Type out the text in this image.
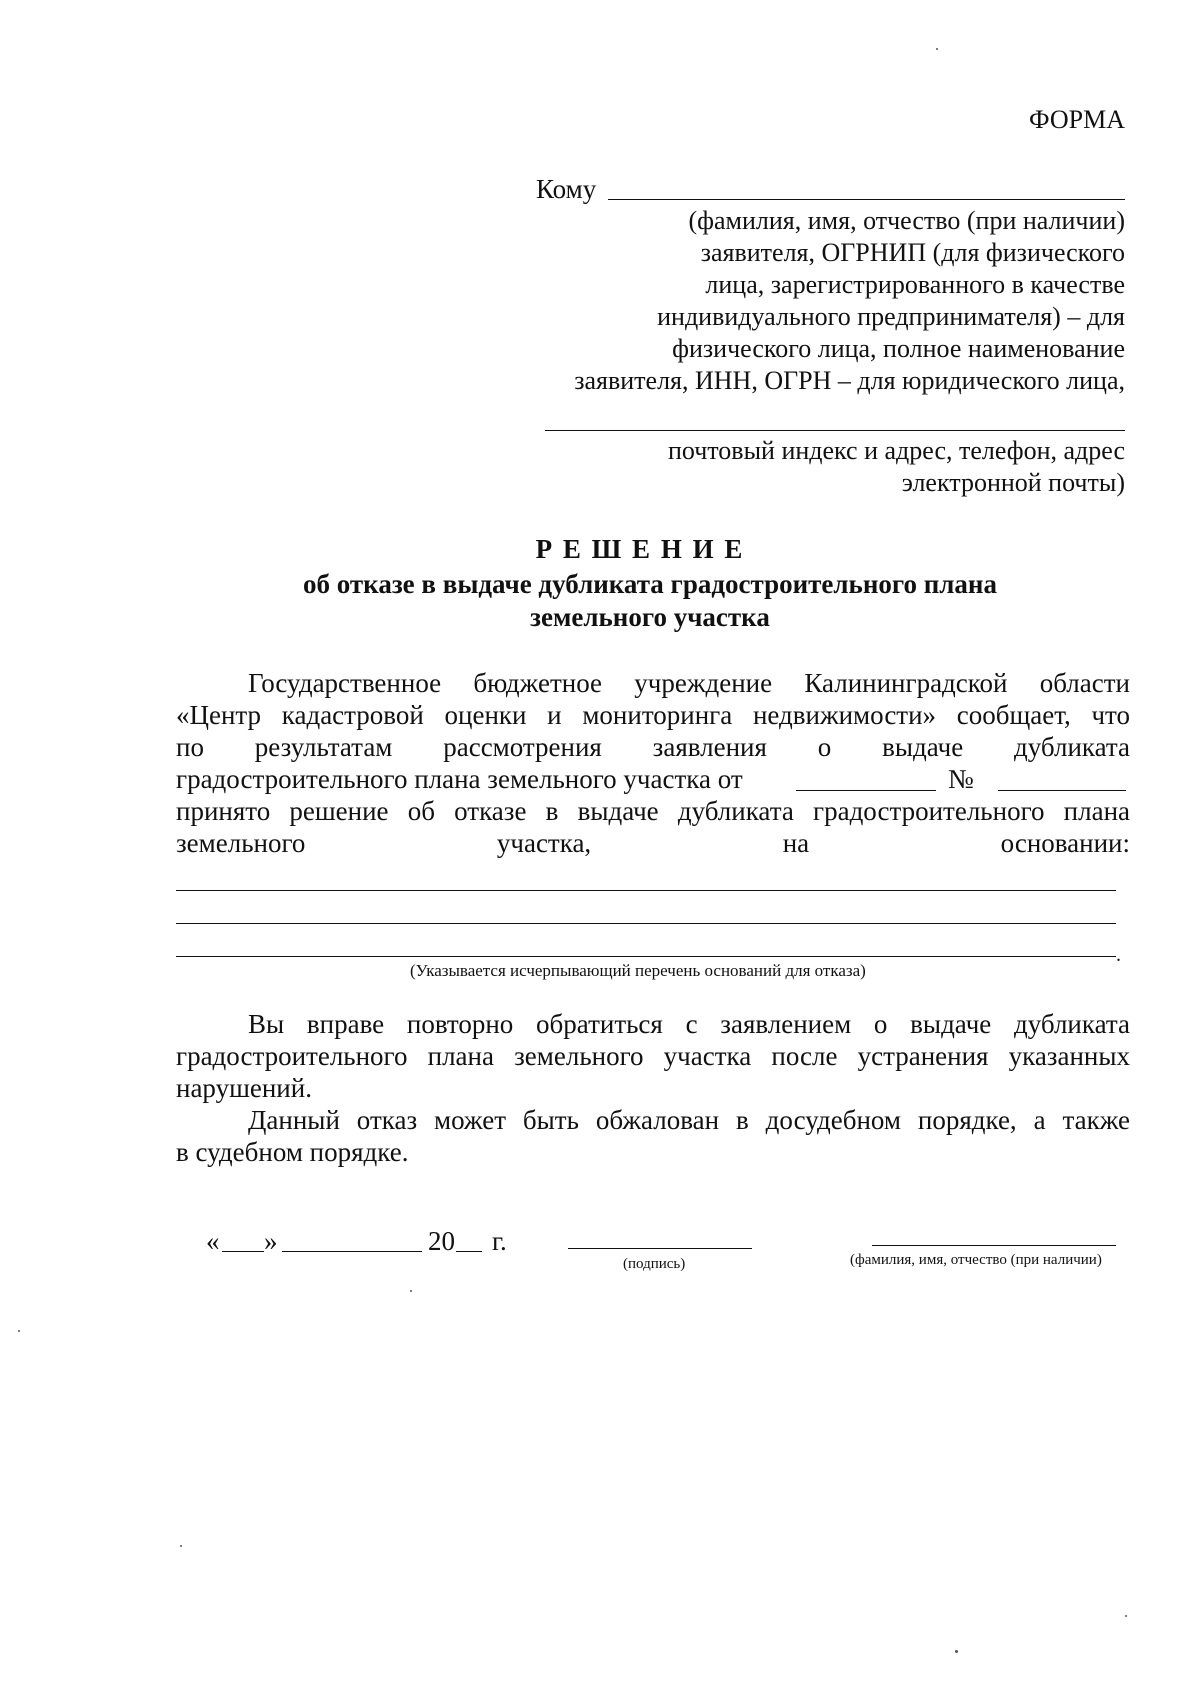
ФОРМА
Кому
(фамилия, имя, отчество (при наличии)
заявителя, ОГРНИП (для физического
лица, зарегистрированного в качестве
индивидуального предпринимателя) – для
физического лица, полное наименование
заявителя, ИНН, ОГРН – для юридического лица,
почтовый индекс и адрес, телефон, адрес
электронной почты)
Р Е Ш Е Н И Е
об отказе в выдаче дубликата градостроительного плана
земельного участка
Государственное бюджетное учреждение Калининградской области
«Центр кадастровой оценки и мониторинга недвижимости» сообщает, что
по результатам рассмотрения заявления о выдаче дубликата
градостроительного плана земельного участка от	№
принято решение об отказе в выдаче дубликата градостроительного плана
земельного участка, на основании:
.
(Указывается исчерпывающий перечень оснований для отказа)
Вы вправе повторно обратиться с заявлением о выдаче дубликата
градостроительного плана земельного участка после устранения указанных
нарушений.
Данный отказ может быть обжалован в досудебном порядке, а также
в судебном порядке.
« »	20 г.
(подпись)	(фамилия, имя, отчество (при наличии)
